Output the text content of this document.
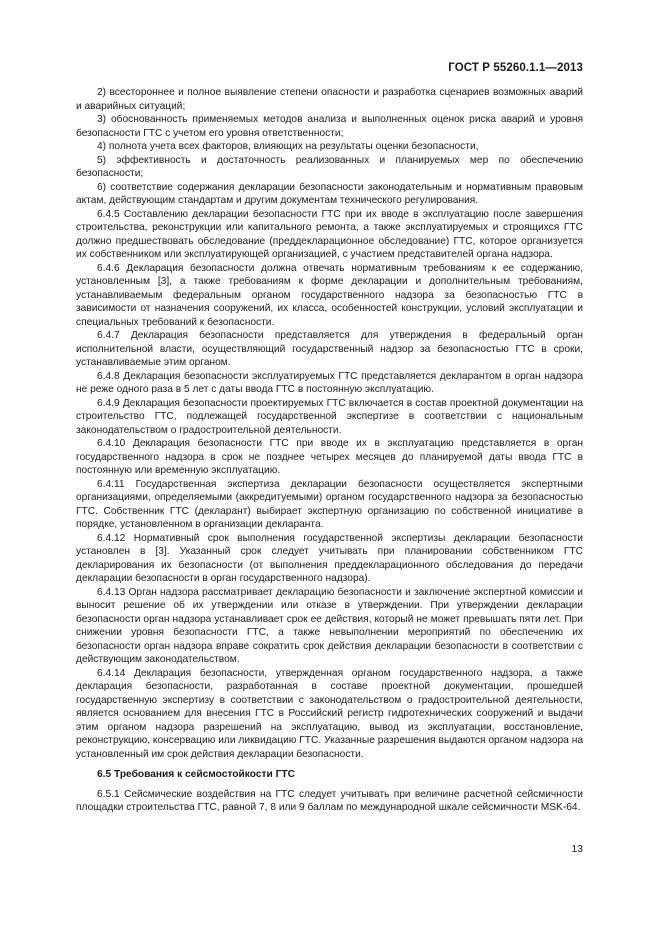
ГОСТ Р 55260.1.1—2013

2) всестороннее и полное выявление степени опасности и разработка сценариев возможных аварий и аварийных ситуаций;

3) обоснованность применяемых методов анализа и выполненных оценок риска аварий и уровня безопасности ГТС с учетом его уровня ответственности;

4) полнота учета всех факторов, влияющих на результаты оценки безопасности,

5) эффективность и достаточность реализованных и планируемых мер по обеспечению безопасности;

6) соответствие содержания декларации безопасности законодательным и нормативным правовым актам, действующим стандартам и другим документам технического регулирования.

6.4.5 Составлению декларации безопасности ГТС при их вводе в эксплуатацию после завершения строительства, реконструкции или капитального ремонта, а также эксплуатируемых и строящихся ГТС должно предшествовать обследование (преддекларационное обследование) ГТС, которое организуется их собственником или эксплуатирующей организацией, с участием представителей органа надзора.

6.4.6 Декларация безопасности должна отвечать нормативным требованиям к ее содержанию, установленным [3], а также требованиям к форме декларации и дополнительным требованиям, устанавливаемым федеральным органом государственного надзора за безопасностью ГТС в зависимости от назначения сооружений, их класса, особенностей конструкции, условий эксплуатации и специальных требований к безопасности.

6.4.7 Декларация безопасности представляется для утверждения в федеральный орган исполнительной власти, осуществляющий государственный надзор за безопасностью ГТС в сроки, устанавливаемые этим органом.

6.4.8 Декларация безопасности эксплуатируемых ГТС представляется декларантом в орган надзора не реже одного раза в 5 лет с даты ввода ГТС в постоянную эксплуатацию.

6.4.9 Декларация безопасности проектируемых ГТС включается в состав проектной документации на строительство ГТС, подлежащей государственной экспертизе в соответствии с национальным законодательством о градостроительной деятельности.

6.4.10 Декларация безопасности ГТС при вводе их в эксплуатацию представляется в орган государственного надзора в срок не позднее четырех месяцев до планируемой даты ввода ГТС в постоянную или временную эксплуатацию.

6.4.11 Государственная экспертиза декларации безопасности осуществляется экспертными организациями, определяемыми (аккредитуемыми) органом государственного надзора за безопасностью ГТС. Собственник ГТС (декларант) выбирает экспертную организацию по собственной инициативе в порядке, установленном в организации декларанта.

6.4.12 Нормативный срок выполнения государственной экспертизы декларации безопасности установлен в [3]. Указанный срок следует учитывать при планировании собственником ГТС декларирования их безопасности (от выполнения преддекларационного обследования до передачи декларации безопасности в орган государственного надзора).

6.4.13 Орган надзора рассматривает декларацию безопасности и заключение экспертной комиссии и выносит решение об их утверждении или отказе в утверждении. При утверждении декларации безопасности орган надзора устанавливает срок ее действия, который не может превышать пяти лет. При снижении уровня безопасности ГТС, а также невыполнении мероприятий по обеспечению их безопасности орган надзора вправе сократить срок действия декларации безопасности в соответствии с действующим законодательством.

6.4.14 Декларация безопасности, утвержденная органом государственного надзора, а также декларация безопасности, разработанная в составе проектной документации, прошедшей государственную экспертизу в соответствии с законодательством о градостроительной деятельности, является основанием для внесения ГТС в Российский регистр гидротехнических сооружений и выдачи этим органом надзора разрешений на эксплуатацию, вывод из эксплуатации, восстановление, реконструкцию, консервацию или ликвидацию ГТС. Указанные разрешения выдаются органом надзора на установленный им срок действия декларации безопасности.

6.5 Требования к сейсмостойкости ГТС

6.5.1 Сейсмические воздействия на ГТС следует учитывать при величине расчетной сейсмичности площадки строительства ГТС, равной 7, 8 или 9 баллам по международной шкале сейсмичности MSK-64.

13
